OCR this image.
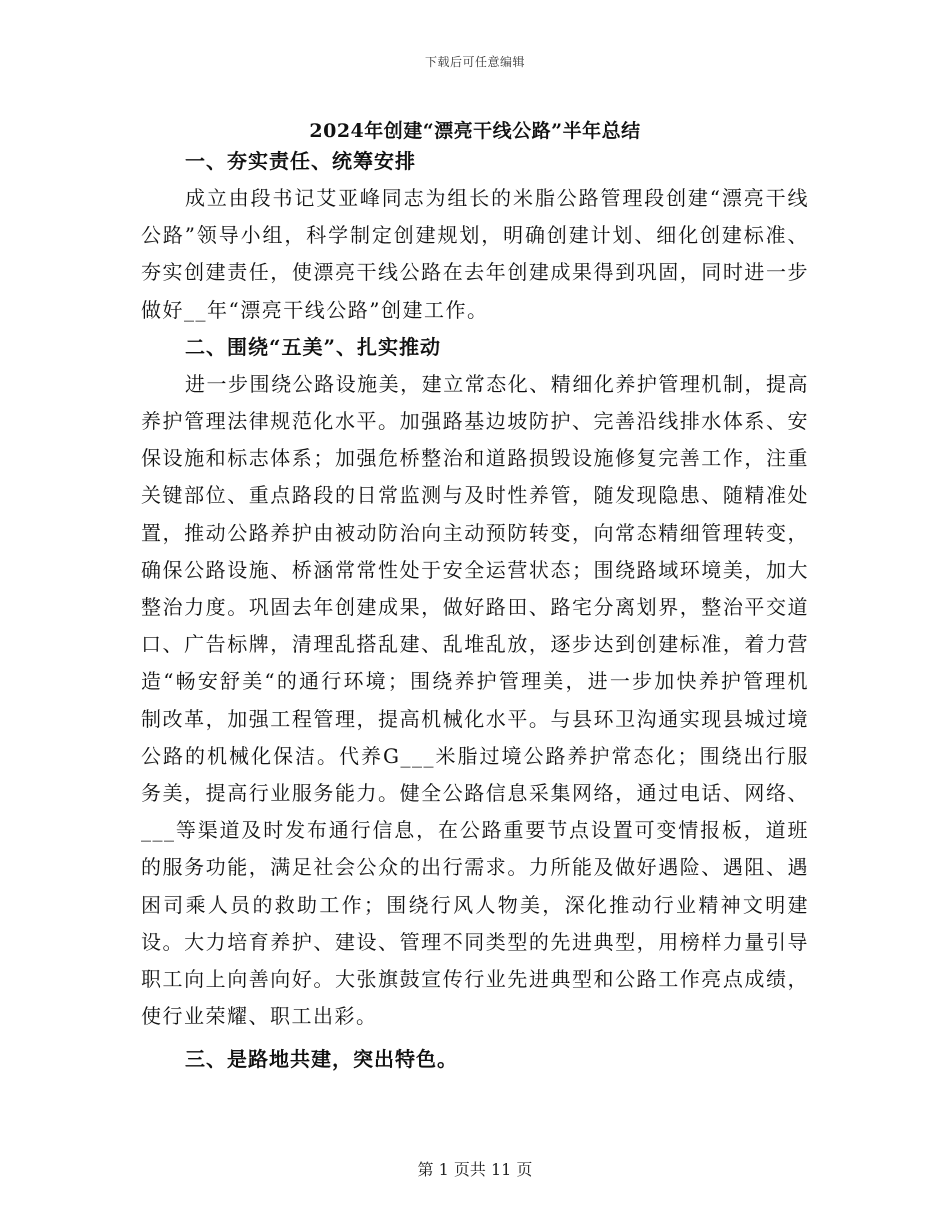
下载后可任意编辑
2024年创建“漂亮干线公路”半年总结

一、夯实责任、统筹安排

成立由段书记艾亚峰同志为组长的米脂公路管理段创建“漂亮干线公路”领导小组，科学制定创建规划，明确创建计划、细化创建标准、夯实创建责任，使漂亮干线公路在去年创建成果得到巩固，同时进一步做好__年“漂亮干线公路”创建工作。

二、围绕“五美”、扎实推动

进一步围绕公路设施美，建立常态化、精细化养护管理机制，提高养护管理法律规范化水平。加强路基边坡防护、完善沿线排水体系、安保设施和标志体系；加强危桥整治和道路损毁设施修复完善工作，注重关键部位、重点路段的日常监测与及时性养管，随发现隐患、随精准处置，推动公路养护由被动防治向主动预防转变，向常态精细管理转变，确保公路设施、桥涵常常性处于安全运营状态；围绕路域环境美，加大整治力度。巩固去年创建成果，做好路田、路宅分离划界，整治平交道口、广告标牌，清理乱搭乱建、乱堆乱放，逐步达到创建标准，着力营造“畅安舒美“的通行环境；围绕养护管理美，进一步加快养护管理机制改革，加强工程管理，提高机械化水平。与县环卫沟通实现县城过境公路的机械化保洁。代养G___米脂过境公路养护常态化；围绕出行服务美，提高行业服务能力。健全公路信息采集网络，通过电话、网络、___等渠道及时发布通行信息，在公路重要节点设置可变情报板，道班的服务功能，满足社会公众的出行需求。力所能及做好遇险、遇阻、遇困司乘人员的救助工作；围绕行风人物美，深化推动行业精神文明建设。大力培育养护、建设、管理不同类型的先进典型，用榜样力量引导职工向上向善向好。大张旗鼓宣传行业先进典型和公路工作亮点成绩，使行业荣耀、职工出彩。

三、是路地共建，突出特色。

第 1 页共 11 页
